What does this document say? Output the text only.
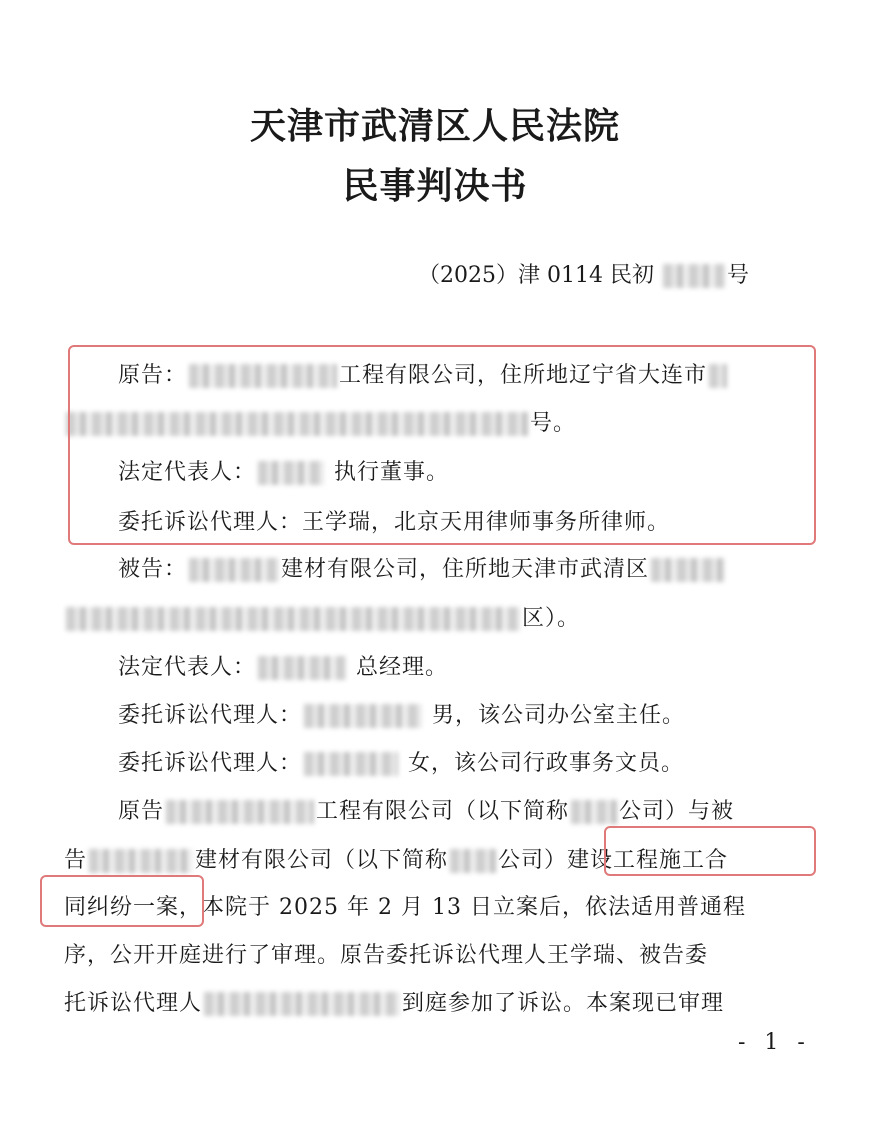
天津市武清区人民法院
民事判决书
（2025）津 0114 民初	号
原告：	工程有限公司，住所地辽宁省大连市
号。
法定代表人：	执行董事。
委托诉讼代理人：王学瑞，北京天用律师事务所律师。
被告：	建材有限公司，住所地天津市武清区
区）。
法定代表人：	总经理。
委托诉讼代理人：	男，该公司办公室主任。
委托诉讼代理人：	女，该公司行政事务文员。
原告	工程有限公司（以下简称 公司）与被
告	建材有限公司（以下简称 公司）建设工程施工合
同纠纷一案，本院于 2025 年 2 月 13 日立案后，依法适用普通程
序，公开开庭进行了审理。原告委托诉讼代理人王学瑞、被告委
托诉讼代理人	到庭参加了诉讼。本案现已审理
- 1 -
